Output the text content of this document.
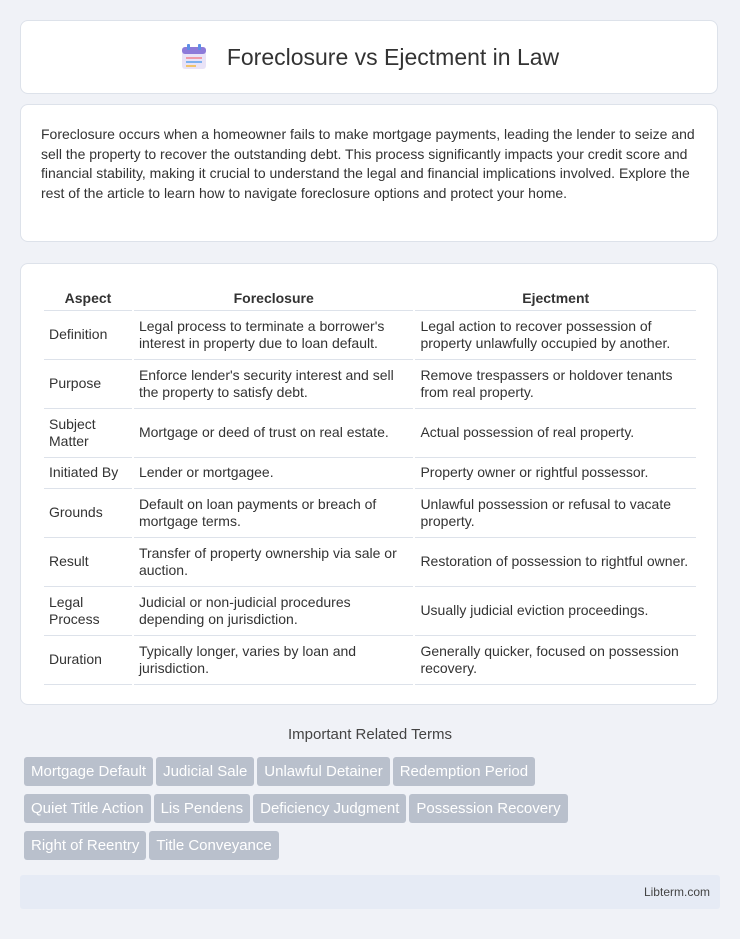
Foreclosure vs Ejectment in Law

Foreclosure occurs when a homeowner fails to make mortgage payments, leading the lender to seize and sell the property to recover the outstanding debt. This process significantly impacts your credit score and financial stability, making it crucial to understand the legal and financial implications involved. Explore the rest of the article to learn how to navigate foreclosure options and protect your home.

Aspect	Foreclosure	Ejectment
Definition	Legal process to terminate a borrower's interest in property due to loan default.	Legal action to recover possession of property unlawfully occupied by another.
Purpose	Enforce lender's security interest and sell the property to satisfy debt.	Remove trespassers or holdover tenants from real property.
Subject Matter	Mortgage or deed of trust on real estate.	Actual possession of real property.
Initiated By	Lender or mortgagee.	Property owner or rightful possessor.
Grounds	Default on loan payments or breach of mortgage terms.	Unlawful possession or refusal to vacate property.
Result	Transfer of property ownership via sale or auction.	Restoration of possession to rightful owner.
Legal Process	Judicial or non-judicial procedures depending on jurisdiction.	Usually judicial eviction proceedings.
Duration	Typically longer, varies by loan and jurisdiction.	Generally quicker, focused on possession recovery.
Important Related Terms
Mortgage Default Judicial Sale Unlawful Detainer Redemption Period
Quiet Title Action Lis Pendens Deficiency Judgment Possession Recovery
Right of Reentry Title Conveyance
Libterm.com
